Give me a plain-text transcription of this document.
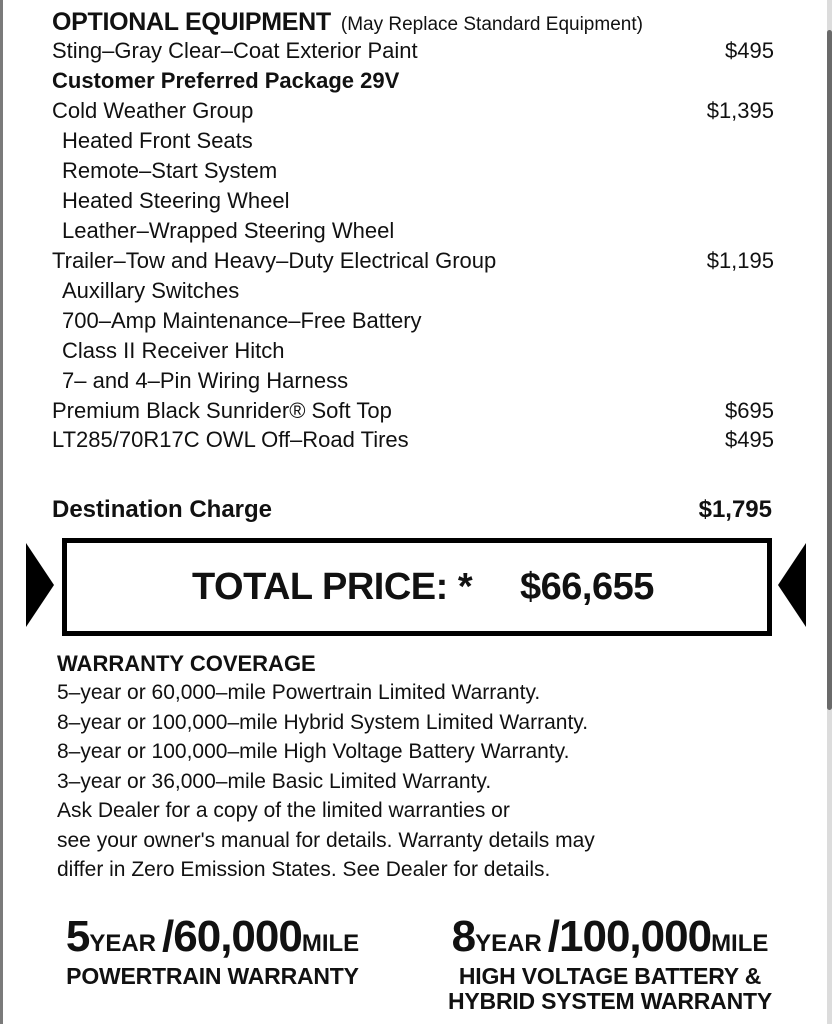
OPTIONAL EQUIPMENT (May Replace Standard Equipment)
Sting–Gray Clear–Coat Exterior Paint	$495
Customer Preferred Package 29V
Cold Weather Group	$1,395
Heated Front Seats
Remote–Start System
Heated Steering Wheel
Leather–Wrapped Steering Wheel
Trailer–Tow and Heavy–Duty Electrical Group	$1,195
Auxillary Switches
700–Amp Maintenance–Free Battery
Class II Receiver Hitch
7– and 4–Pin Wiring Harness
Premium Black Sunrider® Soft Top	$695
LT285/70R17C OWL Off–Road Tires	$495
Destination Charge	$1,795
TOTAL PRICE: * $66,655
WARRANTY COVERAGE
5–year or 60,000–mile Powertrain Limited Warranty.
8–year or 100,000–mile Hybrid System Limited Warranty.
8–year or 100,000–mile High Voltage Battery Warranty.
3–year or 36,000–mile Basic Limited Warranty.
Ask Dealer for a copy of the limited warranties or
see your owner's manual for details. Warranty details may
differ in Zero Emission States. See Dealer for details.
5YEAR /60,000MILE
POWERTRAIN WARRANTY
8YEAR /100,000MILE
HIGH VOLTAGE BATTERY &
HYBRID SYSTEM WARRANTY
